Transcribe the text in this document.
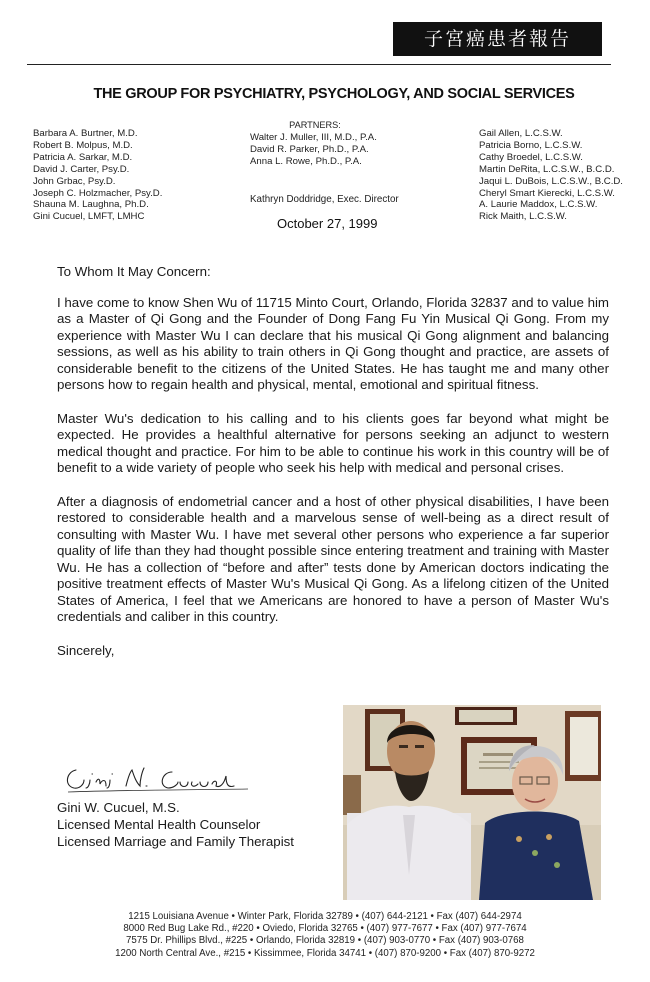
子宮癌患者報告
THE GROUP FOR PSYCHIATRY, PSYCHOLOGY, AND SOCIAL SERVICES
Barbara A. Burtner, M.D.
Robert B. Molpus, M.D.
Patricia A. Sarkar, M.D.
David J. Carter, Psy.D.
John Grbac, Psy.D.
Joseph C. Holzmacher, Psy.D.
Shauna M. Laughna, Ph.D.
Gini Cucuel, LMFT, LMHC
PARTNERS:
Walter J. Muller, III, M.D., P.A.
David R. Parker, Ph.D., P.A.
Anna L. Rowe, Ph.D., P.A.
Kathryn Doddridge, Exec. Director
October 27, 1999
Gail Allen, L.C.S.W.
Patricia Borno, L.C.S.W.
Cathy Broedel, L.C.S.W.
Martin DeRita, L.C.S.W., B.C.D.
Jaqui L. DuBois, L.C.S.W., B.C.D.
Cheryl Smart Kierecki, L.C.S.W.
A. Laurie Maddox, L.C.S.W.
Rick Maith, L.C.S.W.
To Whom It May Concern:

I have come to know Shen Wu of 11715 Minto Court, Orlando, Florida 32837 and to value him as a Master of Qi Gong and the Founder of Dong Fang Fu Yin Musical Qi Gong. From my experience with Master Wu I can declare that his musical Qi Gong alignment and balancing sessions, as well as his ability to train others in Qi Gong thought and practice, are assets of considerable benefit to the citizens of the United States. He has taught me and many other persons how to regain health and physical, mental, emotional and spiritual fitness.

Master Wu's dedication to his calling and to his clients goes far beyond what might be expected. He provides a healthful alternative for persons seeking an adjunct to western medical thought and practice. For him to be able to continue his work in this country will be of benefit to a wide variety of people who seek his help with medical and personal crises.

After a diagnosis of endometrial cancer and a host of other physical disabilities, I have been restored to considerable health and a marvelous sense of well-being as a direct result of consulting with Master Wu. I have met several other persons who experience a far superior quality of life than they had thought possible since entering treatment and training with Master Wu. He has a collection of “before and after” tests done by American doctors indicating the positive treatment effects of Master Wu's Musical Qi Gong. As a lifelong citizen of the United States of America, I feel that we Americans are honored to have a person of Master Wu's credentials and caliber in this country.

Sincerely,
Gini W. Cucuel, M.S.
Licensed Mental Health Counselor
Licensed Marriage and Family Therapist
1215 Louisiana Avenue • Winter Park, Florida 32789 • (407) 644-2121 • Fax (407) 644-2974
8000 Red Bug Lake Rd., #220 • Oviedo, Florida 32765 • (407) 977-7677 • Fax (407) 977-7674
7575 Dr. Phillips Blvd., #225 • Orlando, Florida 32819 • (407) 903-0770 • Fax (407) 903-0768
1200 North Central Ave., #215 • Kissimmee, Florida 34741 • (407) 870-9200 • Fax (407) 870-9272
